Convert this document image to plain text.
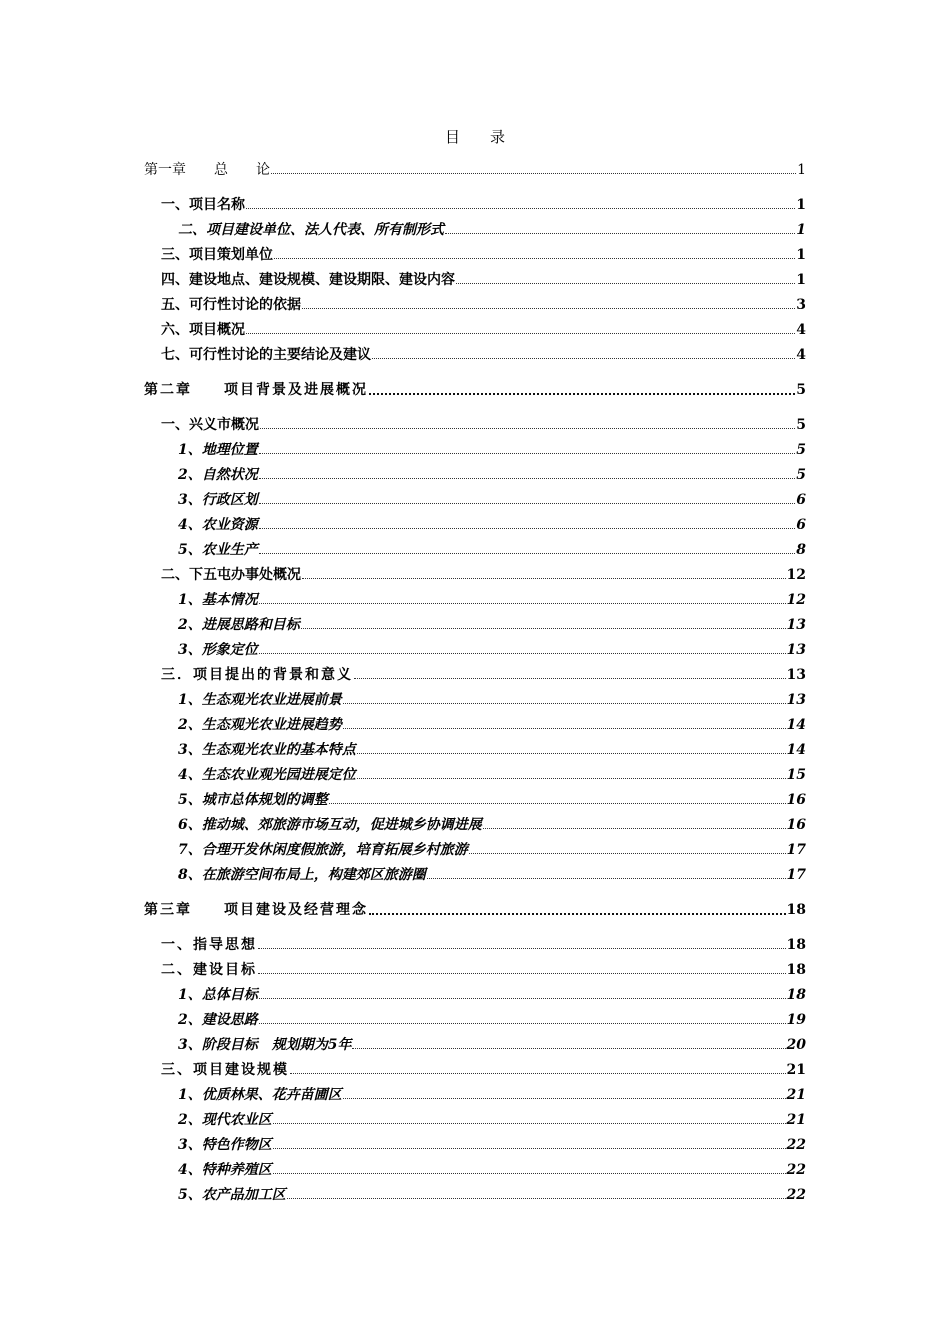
目录
第一章　　总　　论	1
一、项目名称	1
二、项目建设单位、法人代表、所有制形式	1
三、项目策划单位	1
四、建设地点、建设规模、建设期限、建设内容	1
五、可行性讨论的依据	3
六、项目概况	4
七、可行性讨论的主要结论及建议	4
第二章　　项目背景及进展概况	5
一、兴义市概况	5
1、地理位置	5
2、自然状况	5
3、行政区划	6
4、农业资源	6
5、农业生产	8
二、下五屯办事处概况	12
1、基本情况	12
2、进展思路和目标	13
3、形象定位	13
三．项目提出的背景和意义	13
1、生态观光农业进展前景	13
2、生态观光农业进展趋势	14
3、生态观光农业的基本特点	14
4、生态农业观光园进展定位	15
5、城市总体规划的调整	16
6、推动城、郊旅游市场互动，促进城乡协调进展	16
7、合理开发休闲度假旅游，培育拓展乡村旅游	17
8、在旅游空间布局上，构建郊区旅游圈	17
第三章　　项目建设及经营理念	18
一、指导思想	18
二、建设目标	18
1、总体目标	18
2、建设思路	19
3、阶段目标　规划期为5年	20
三、项目建设规模	21
1、优质林果、花卉苗圃区	21
2、现代农业区	21
3、特色作物区	22
4、特种养殖区	22
5、农产品加工区	22
